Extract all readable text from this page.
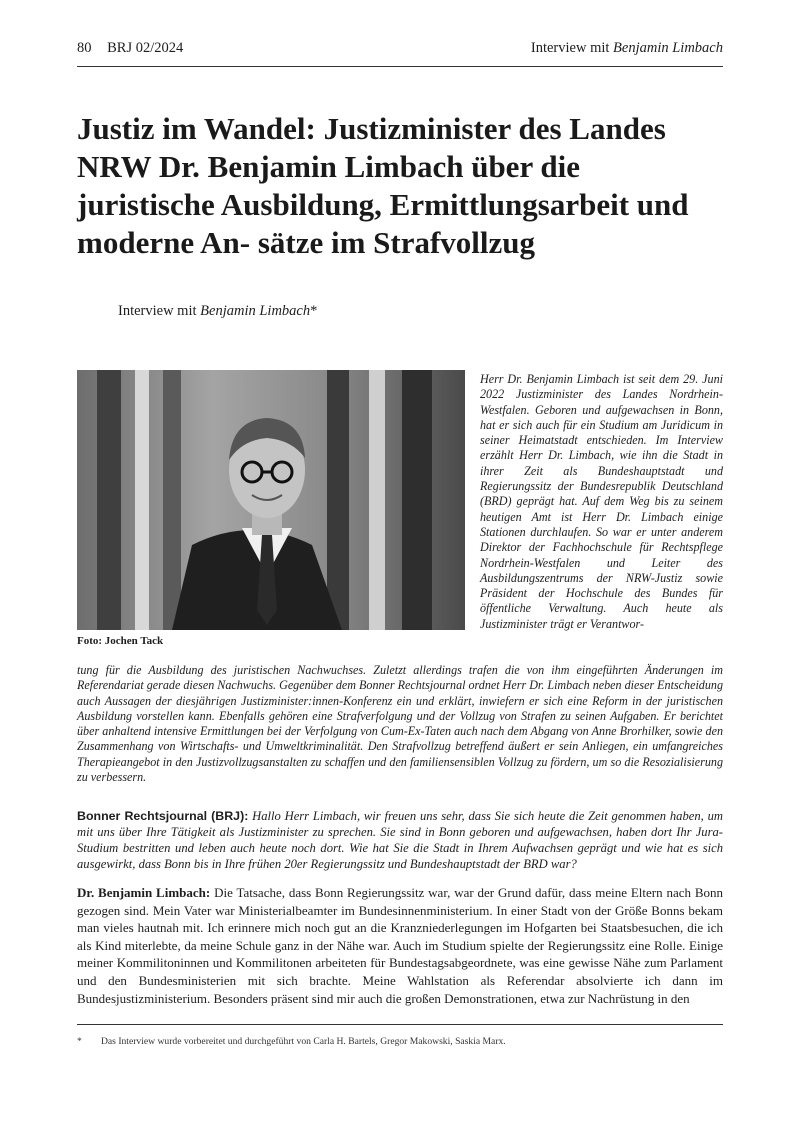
80 BRJ 02/2024	Interview mit Benjamin Limbach
Justiz im Wandel: Justizminister des Landes NRW Dr. Benjamin Limbach über die juristische Ausbildung, Ermittlungsarbeit und moderne An- sätze im Strafvollzug
Interview mit Benjamin Limbach*
Foto: Jochen Tack

Herr Dr. Benjamin Limbach ist seit dem 29. Juni 2022 Justizminister des Landes Nordrhein-Westfalen. Geboren und aufgewachsen in Bonn, hat er sich auch für ein Studium am Juridicum in seiner Heimatstadt entschieden. Im Interview erzählt Herr Dr. Limbach, wie ihn die Stadt in ihrer Zeit als Bundeshauptstadt und Regierungssitz der Bundesrepublik Deutschland (BRD) geprägt hat. Auf dem Weg bis zu seinem heutigen Amt ist Herr Dr. Limbach einige Stationen durchlaufen. So war er unter anderem Direktor der Fachhochschule für Rechtspflege Nordrhein-Westfalen und Leiter des Ausbildungszentrums der NRW-Justiz sowie Präsident der Hochschule des Bundes für öffentliche Verwaltung. Auch heute als Justizminister trägt er Verantwor-

tung für die Ausbildung des juristischen Nachwuchses. Zuletzt allerdings trafen die von ihm eingeführten Änderungen im Referendariat gerade diesen Nachwuchs. Gegenüber dem Bonner Rechtsjournal ordnet Herr Dr. Limbach neben dieser Entscheidung auch Aussagen der diesjährigen Justizminister:innen-Konferenz ein und erklärt, inwiefern er sich eine Reform in der juristischen Ausbildung vorstellen kann. Ebenfalls gehören eine Strafverfolgung und der Vollzug von Strafen zu seinen Aufgaben. Er berichtet über anhaltend intensive Ermittlungen bei der Verfolgung von Cum-Ex-Taten auch nach dem Abgang von Anne Brorhilker, sowie den Zusammenhang von Wirtschafts- und Umweltkriminalität. Den Strafvollzug betreffend äußert er sein Anliegen, ein umfangreiches Therapieangebot in den Justizvollzugsanstalten zu schaffen und den familiensensiblen Vollzug zu fördern, um so die Resozialisierung zu verbessern.

Bonner Rechtsjournal (BRJ): Hallo Herr Limbach, wir freuen uns sehr, dass Sie sich heute die Zeit genommen haben, um mit uns über Ihre Tätigkeit als Justizminister zu sprechen. Sie sind in Bonn geboren und aufgewachsen, haben dort Ihr Jura-Studium bestritten und leben auch heute noch dort. Wie hat Sie die Stadt in Ihrem Aufwachsen geprägt und wie hat es sich ausgewirkt, dass Bonn bis in Ihre frühen 20er Regierungssitz und Bundeshauptstadt der BRD war?

Dr. Benjamin Limbach: Die Tatsache, dass Bonn Regierungssitz war, war der Grund dafür, dass meine Eltern nach Bonn gezogen sind. Mein Vater war Ministerialbeamter im Bundesinnenministerium. In einer Stadt von der Größe Bonns bekam man vieles hautnah mit. Ich erinnere mich noch gut an die Kranzniederlegungen im Hofgarten bei Staatsbesuchen, die ich als Kind miterlebte, da meine Schule ganz in der Nähe war. Auch im Studium spielte der Regierungssitz eine Rolle. Einige meiner Kommilitoninnen und Kommilitonen arbeiteten für Bundestagsabgeordnete, was eine gewisse Nähe zum Parlament und den Bundesministerien mit sich brachte. Meine Wahlstation als Referendar absolvierte ich dann im Bundesjustizministerium. Besonders präsent sind mir auch die großen Demonstrationen, etwa zur Nachrüstung in den

* Das Interview wurde vorbereitet und durchgeführt von Carla H. Bartels, Gregor Makowski, Saskia Marx.
